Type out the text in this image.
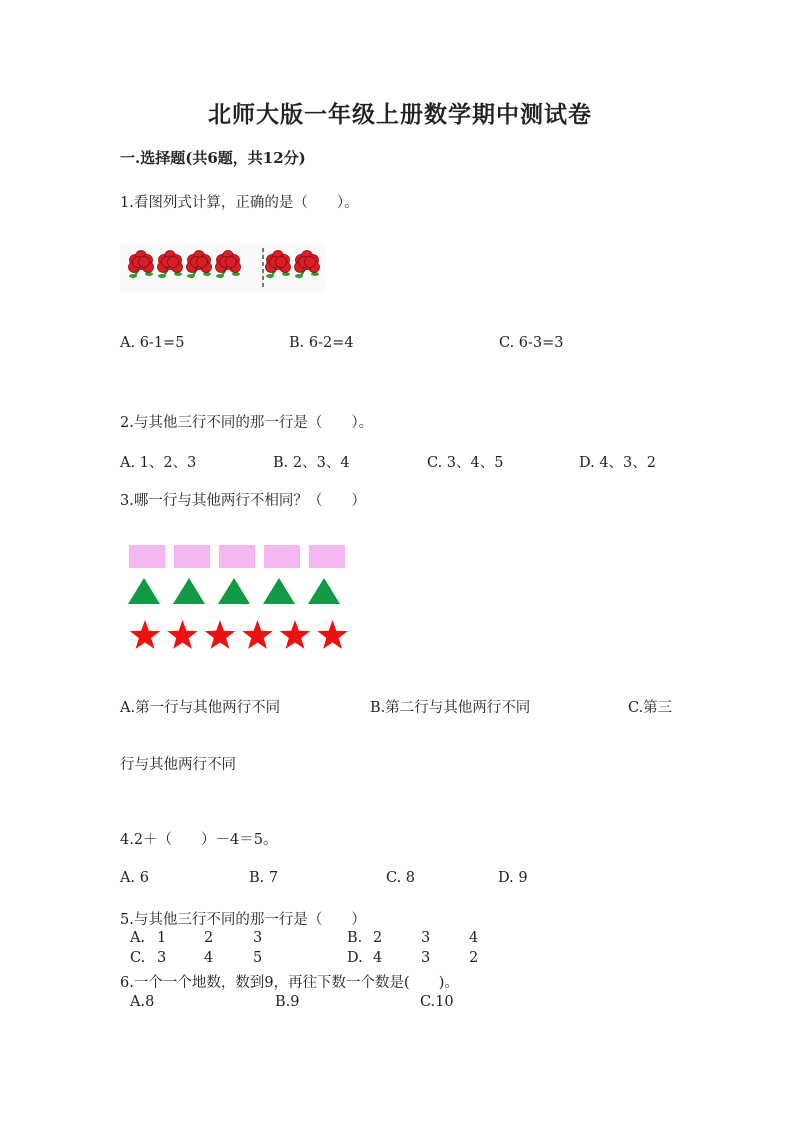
北师大版一年级上册数学期中测试卷
一.选择题(共6题，共12分)
1.看图列式计算，正确的是（　　）。
A. 6-1=5	B. 6-2=4	C. 6-3=3
2.与其他三行不同的那一行是（　　）。
A. 1、2、3	B. 2、3、4	C. 3、4、5	D. 4、3、2
3.哪一行与其他两行不相同？（　　）
A.第一行与其他两行不同	B.第二行与其他两行不同	C.第三
行与其他两行不同
4.2＋（　　）－4＝5。
A. 6	B. 7	C. 8	D. 9
5.与其他三行不同的那一行是（　　）
A. 1	2	3	B. 2	3	4
C. 3	4	5	D. 4	3	2
6.一个一个地数，数到9，再往下数一个数是(　　)。
A.8	B.9	C.10
